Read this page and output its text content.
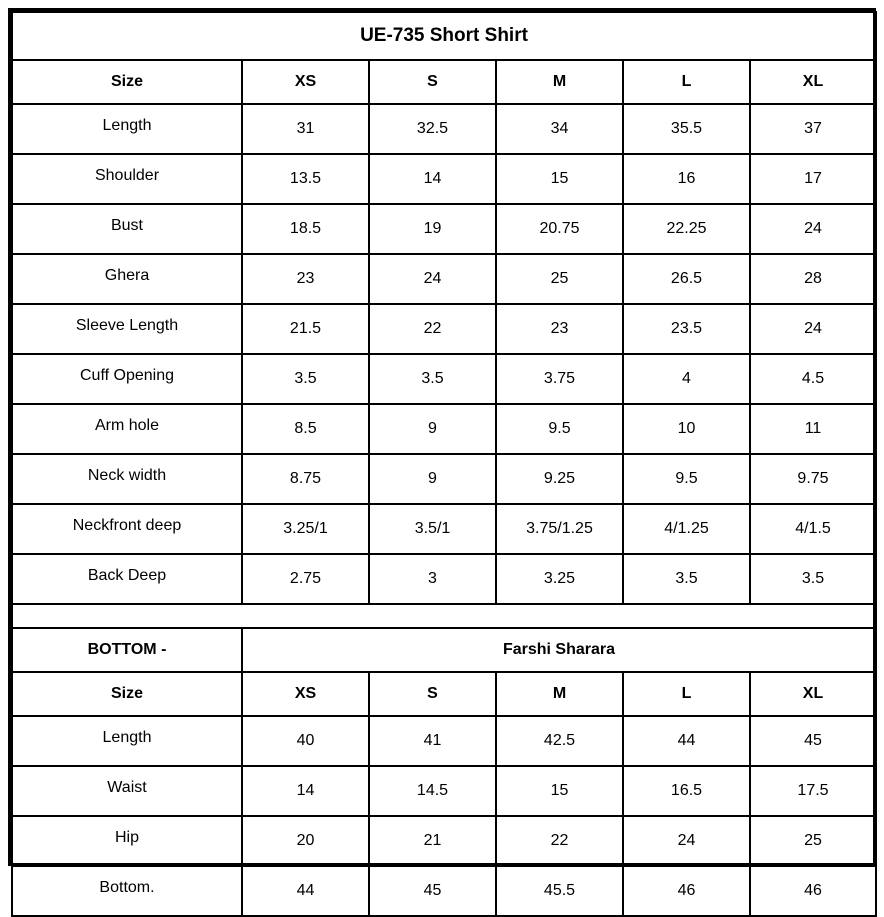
UE-735 Short Shirt					
Size	XS	S	M	L	XL
Length	31	32.5	34	35.5	37
Shoulder	13.5	14	15	16	17
Bust	18.5	19	20.75	22.25	24
Ghera	23	24	25	26.5	28
Sleeve Length	21.5	22	23	23.5	24
Cuff Opening	3.5	3.5	3.75	4	4.5
Arm hole	8.5	9	9.5	10	11
Neck width	8.75	9	9.25	9.5	9.75
Neckfront deep	3.25/1	3.5/1	3.75/1.25	4/1.25	4/1.5
Back Deep	2.75	3	3.25	3.5	3.5

BOTTOM -	Farshi Sharara				
Size	XS	S	M	L	XL
Length	40	41	42.5	44	45
Waist	14	14.5	15	16.5	17.5
Hip	20	21	22	24	25
Bottom.	44	45	45.5	46	46
